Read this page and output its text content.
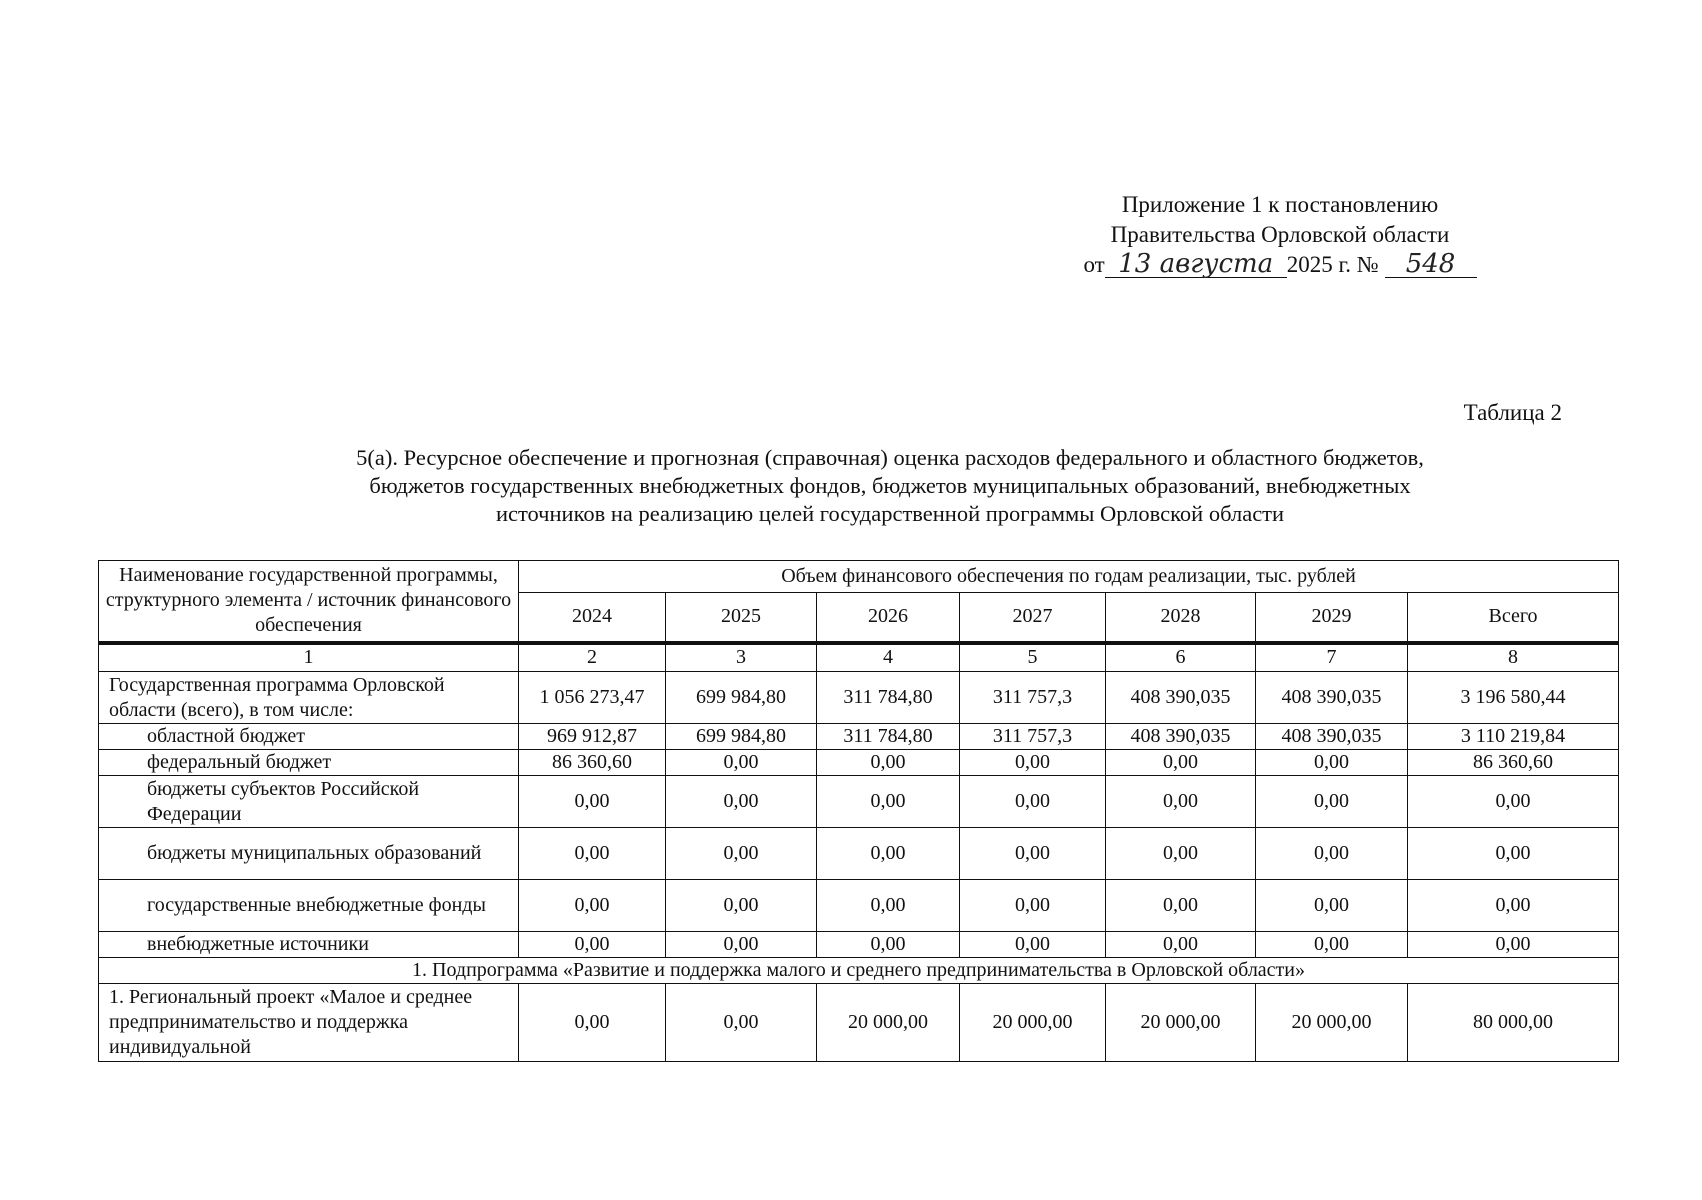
Приложение 1 к постановлению
Правительства Орловской области
от 13 августа 2025 г. № 548
Таблица 2
5(а). Ресурсное обеспечение и прогнозная (справочная) оценка расходов федерального и областного бюджетов,
бюджетов государственных внебюджетных фондов, бюджетов муниципальных образований, внебюджетных
источников на реализацию целей государственной программы Орловской области
Наименование государственной программы, структурного элемента / источник финансового обеспечения	Объем финансового обеспечения по годам реализации, тыс. рублей						
	2024	2025	2026	2027	2028	2029	Всего
1	2	3	4	5	6	7	8
Государственная программа Орловской области (всего), в том числе:	1 056 273,47	699 984,80	311 784,80	311 757,3	408 390,035	408 390,035	3 196 580,44
областной бюджет	969 912,87	699 984,80	311 784,80	311 757,3	408 390,035	408 390,035	3 110 219,84
федеральный бюджет	86 360,60	0,00	0,00	0,00	0,00	0,00	86 360,60
бюджеты субъектов Российской Федерации	0,00	0,00	0,00	0,00	0,00	0,00	0,00
бюджеты муниципальных образований	0,00	0,00	0,00	0,00	0,00	0,00	0,00
государственные внебюджетные фонды	0,00	0,00	0,00	0,00	0,00	0,00	0,00
внебюджетные источники	0,00	0,00	0,00	0,00	0,00	0,00	0,00
1. Подпрограмма «Развитие и поддержка малого и среднего предпринимательства в Орловской области»							
1. Региональный проект «Малое и среднее предпринимательство и поддержка индивидуальной	0,00	0,00	20 000,00	20 000,00	20 000,00	20 000,00	80 000,00
